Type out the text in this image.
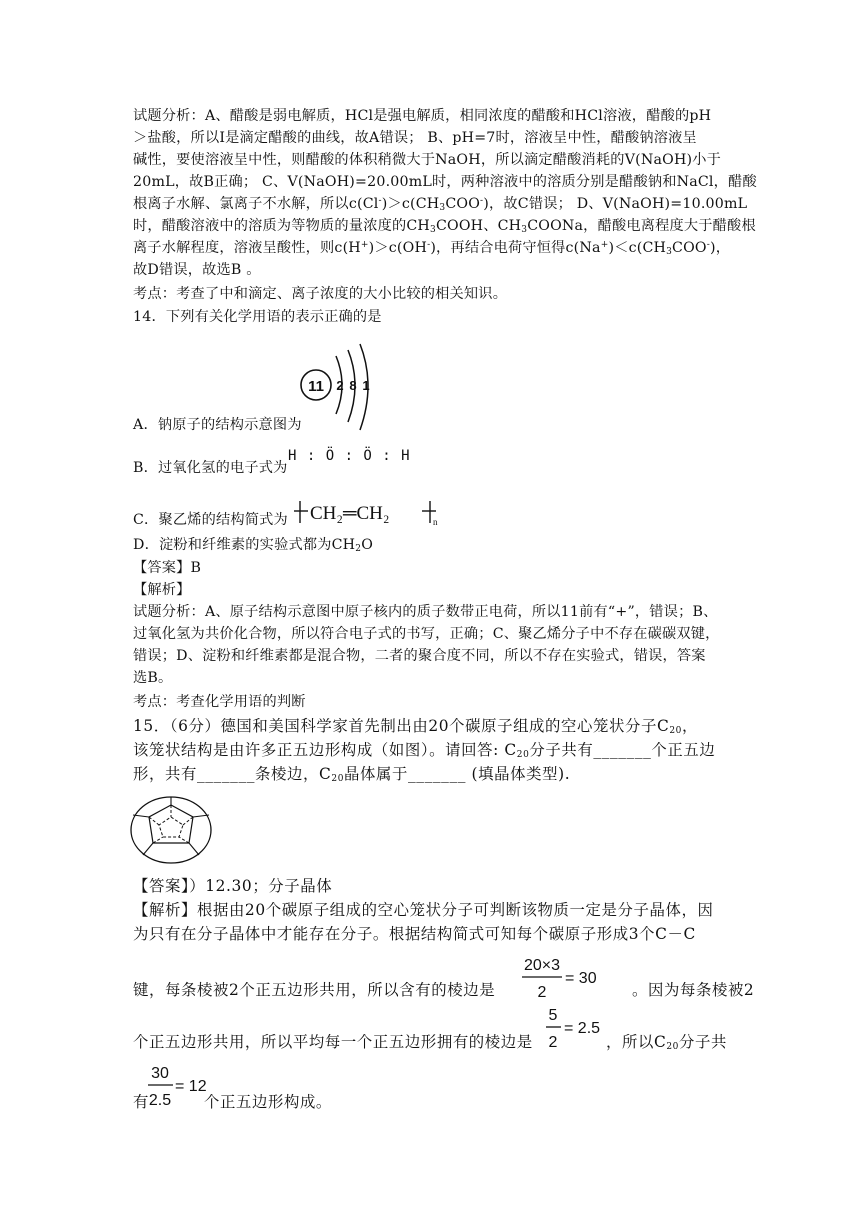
试题分析：A、醋酸是弱电解质，HCl是强电解质，相同浓度的醋酸和HCl溶液，醋酸的pH
＞盐酸，所以Ⅰ是滴定醋酸的曲线，故A错误； B、pH=7时，溶液呈中性，醋酸钠溶液呈
碱性，要使溶液呈中性，则醋酸的体积稍微大于NaOH，所以滴定醋酸消耗的V(NaOH)小于
20mL，故B正确； C、V(NaOH)=20.00mL时，两种溶液中的溶质分别是醋酸钠和NaCl，醋酸
根离子水解、氯离子不水解，所以$c(Cl^-)>c(CH_3COO^-)$，故C错误； D、V(NaOH)=10.00mL
时，醋酸溶液中的溶质为等物质的量浓度的$CH_3COOH$、$CH_3COONa$，醋酸电离程度大于醋酸根
离子水解程度，溶液呈酸性，则c(H+)＞c(OH-)，再结合电荷守恒得$c(Na^+)<c(CH_3COO^-)$，
故D错误，故选B 。
考点：考查了中和滴定、离子浓度的大小比较的相关知识。
14．下列有关化学用语的表示正确的是
11 2 8 1
A．钠原子的结构示意图为
B．过氧化氢的电子式为
H : Ö : Ö : H
C．聚乙烯的结构简式为 CH₂═CH₂	n
D．淀粉和纤维素的实验式都为$CH_2O$
【答案】B
【解析】
试题分析：A、原子结构示意图中原子核内的质子数带正电荷，所以11前有“+”，错误；B、
过氧化氢为共价化合物，所以符合电子式的书写，正确；C、聚乙烯分子中不存在碳碳双键，
错误；D、淀粉和纤维素都是混合物，二者的聚合度不同，所以不存在实验式，错误，答案
选B。
考点：考查化学用语的判断
15．（6分）德国和美国科学家首先制出由20个碳原子组成的空心笼状分子$C_{20}$，
该笼状结构是由许多正五边形构成（如图）。请回答: $C_{20}$分子共有_______个正五边
形，共有_______条棱边，$C_{20}$晶体属于_______ (填晶体类型).
【答案】）12.30；分子晶体
【解析】根据由20个碳原子组成的空心笼状分子可判断该物质一定是分子晶体，因
为只有在分子晶体中才能存在分子。根据结构简式可知每个碳原子形成3个C－C
键，每条棱被2个正五边形共用，所以含有的棱边是
20×3
2
= 30
。因为每条棱被2
个正五边形共用，所以平均每一个正五边形拥有的棱边是
5
2
= 2.5
，所以$C_{20}$分子共
有
30
2.5
= 12
个正五边形构成。
